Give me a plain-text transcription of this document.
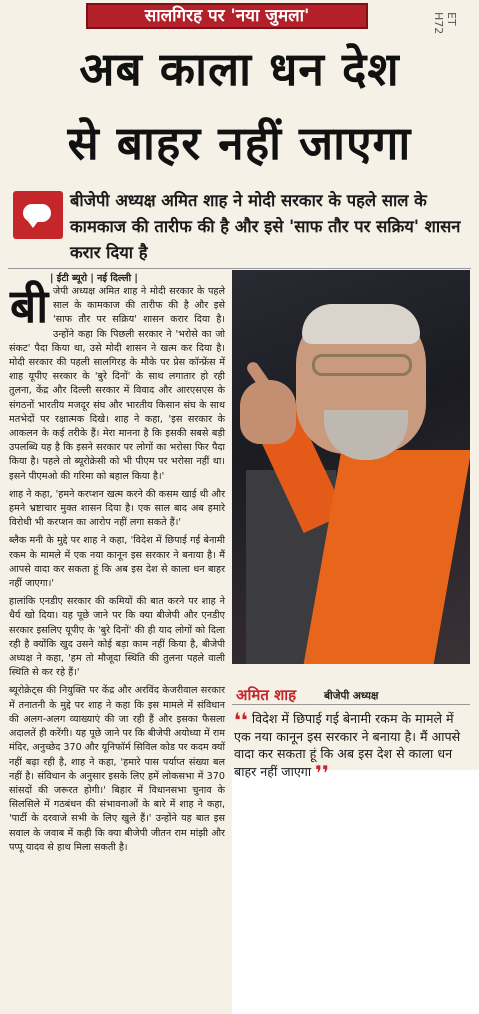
सालगिरह पर 'नया जुमला'
अब काला धन देश
से बाहर नहीं जाएगा
बीजेपी अध्यक्ष अमित शाह ने मोदी सरकार के पहले साल के कामकाज की तारीफ की है और इसे 'साफ तौर पर सक्रिय' शासन करार दिया है
| ईटी ब्यूरो | नई दिल्ली |
बी जेपी अध्यक्ष अमित शाह ने मोदी सरकार के पहले साल के कामकाज की तारीफ की है और इसे 'साफ तौर पर सक्रिय' शासन करार दिया है। उन्होंने कहा कि पिछली सरकार ने 'भरोसे का जो संकट' पैदा किया था, उसे मोदी शासन ने खत्म कर दिया है। मोदी सरकार की पहली सालगिरह के मौके पर प्रेस कॉन्फ्रेंस में शाह यूपीए सरकार के 'बुरे दिनों' के साथ लगातार हो रही तुलना, केंद्र और दिल्ली सरकार में विवाद और आरएसएस के संगठनों भारतीय मजदूर संघ और भारतीय किसान संघ के साथ मतभेदों पर रक्षात्मक दिखे। शाह ने कहा, 'इस सरकार के आकलन के कई तरीके हैं। मेरा मानना है कि इसकी सबसे बड़ी उपलब्धि यह है कि इसने सरकार पर लोगों का भरोसा फिर पैदा किया है। पहले तो ब्यूरोक्रेसी को भी पीएम पर भरोसा नहीं था। इसने पीएमओ की गरिमा को बहाल किया है।'

शाह ने कहा, 'हमने करप्शन खत्म करने की कसम खाई थी और हमने भ्रष्टाचार मुक्त शासन दिया है। एक साल बाद अब हमारे विरोधी भी करप्शन का आरोप नहीं लगा सकते हैं।'

ब्लैक मनी के मुद्दे पर शाह ने कहा, 'विदेश में छिपाई गई बेनामी रकम के मामले में एक नया कानून इस सरकार ने बनाया है। मैं आपसे वादा कर सकता हूं कि अब इस देश से काला धन बाहर नहीं जाएगा।'

हालांकि एनडीए सरकार की कमियों की बात करने पर शाह ने धैर्य खो दिया। यह पूछे जाने पर कि क्या बीजेपी और एनडीए सरकार इसलिए यूपीए के 'बुरे दिनों' की ही याद लोगों को दिला रही है क्योंकि खुद उसने कोई बड़ा काम नहीं किया है, बीजेपी अध्यक्ष ने कहा, 'हम तो मौजूदा स्थिति की तुलना पहले वाली स्थिति से कर रहे हैं।'

ब्यूरोक्रेट्स की नियुक्ति पर केंद्र और अरविंद केजरीवाल सरकार में तनातनी के मुद्दे पर शाह ने कहा कि इस मामले में संविधान की अलग-अलग व्याख्याएं की जा रही हैं और इसका फैसला अदालतें ही करेंगी। यह पूछे जाने पर कि बीजेपी अयोध्या में राम मंदिर, अनुच्छेद 370 और यूनिफॉर्म सिविल कोड पर कदम क्यों नहीं बढ़ा रही है, शाह ने कहा, 'हमारे पास पर्याप्त संख्या बल नहीं है। संविधान के अनुसार इसके लिए हमें लोकसभा में 370 सांसदों की जरूरत होगी।' बिहार में विधानसभा चुनाव के सिलसिले में गठबंधन की संभावनाओं के बारे में शाह ने कहा, 'पार्टी के दरवाजे सभी के लिए खुले हैं।' उन्होंने यह बात इस सवाल के जवाब में कही कि क्या बीजेपी जीतन राम मांझी और पप्पू यादव से हाथ मिला सकती है।

अमित शाह	बीजेपी अध्यक्ष
❛❛ विदेश में छिपाई गई बेनामी रकम के मामले में एक नया कानून इस सरकार ने बनाया है। मैं आपसे वादा कर सकता हूं कि अब इस देश से काला धन बाहर नहीं जाएगा ❜❜
ET H72
